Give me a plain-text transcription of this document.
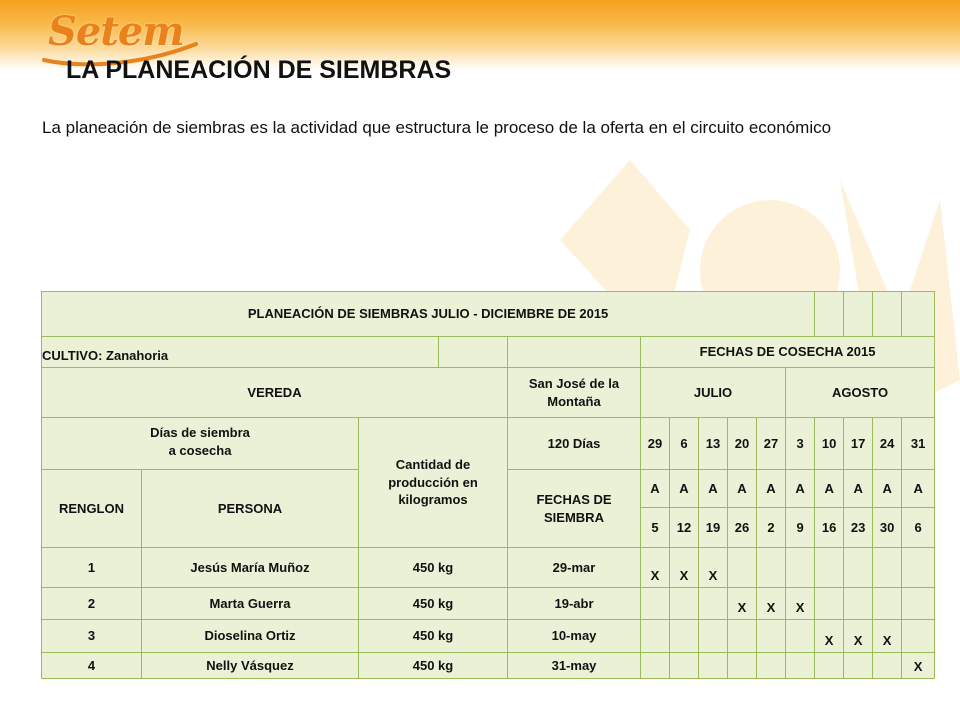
Setem
LA PLANEACIÓN DE SIEMBRAS
La planeación de siembras es la actividad que estructura le proceso de la oferta en el circuito económico
PLANEACIÓN DE SIEMBRAS JULIO - DICIEMBRE DE 2015														
CULTIVO: Zanahoria					FECHAS DE COSECHA 2015									
VEREDA				San José de la Montaña	JULIO					AGOSTO				
Días de siembra
a cosecha		Cantidad de producción en kilogramos		120 Días	29	6	13	20	27	3	10	17	24	31
RENGLON	PERSONA			FECHAS DE SIEMBRA	A	A	A	A	A	A	A	A	A	A
					5	12	19	26	2	9	16	23	30	6
1	Jesús María Muñoz	450 kg		29-mar	X	X	X							
2	Marta Guerra	450 kg		19-abr				X	X	X				
3	Dioselina Ortiz	450 kg		10-may							X	X	X	
4	Nelly Vásquez	450 kg		31-may										X
